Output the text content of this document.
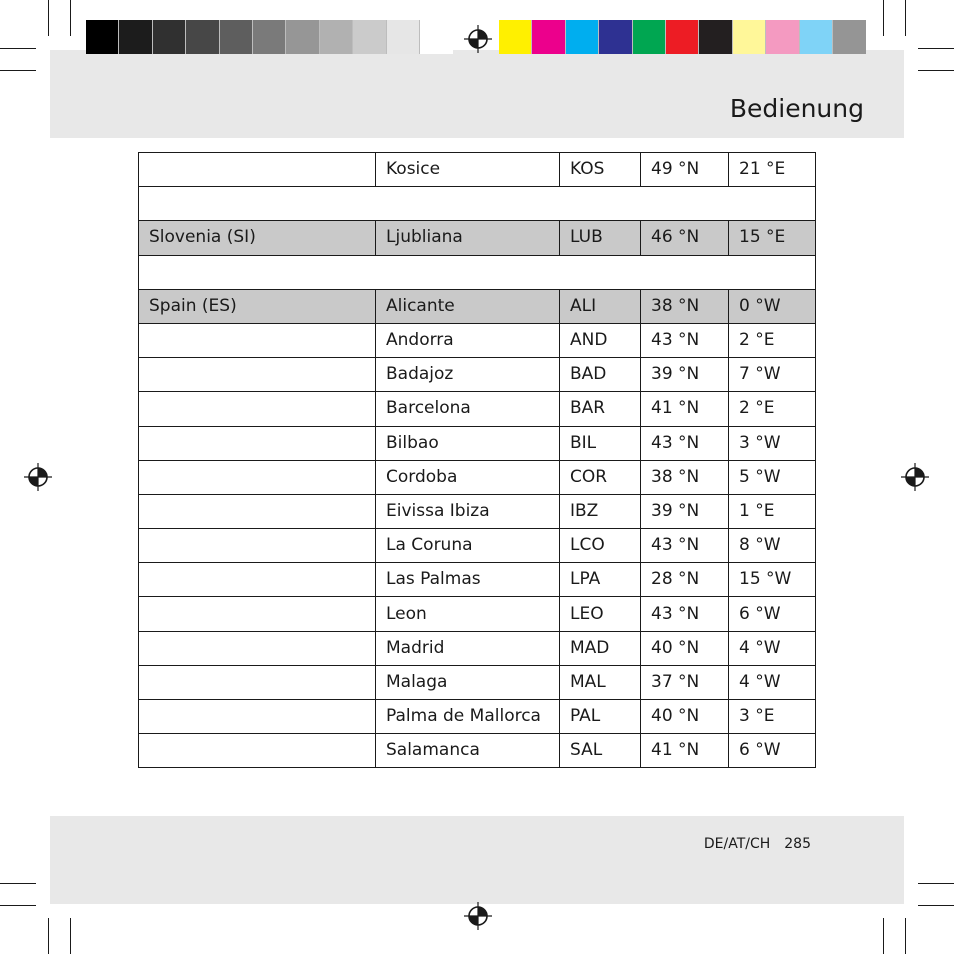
Bedienung
	Kosice	KOS	49 °N	21 °E

Slovenia (SI)	Ljubliana	LUB	46 °N	15 °E

Spain (ES)	Alicante	ALI	38 °N	0 °W
	Andorra	AND	43 °N	2 °E
	Badajoz	BAD	39 °N	7 °W
	Barcelona	BAR	41 °N	2 °E
	Bilbao	BIL	43 °N	3 °W
	Cordoba	COR	38 °N	5 °W
	Eivissa Ibiza	IBZ	39 °N	1 °E
	La Coruna	LCO	43 °N	8 °W
	Las Palmas	LPA	28 °N	15 °W
	Leon	LEO	43 °N	6 °W
	Madrid	MAD	40 °N	4 °W
	Malaga	MAL	37 °N	4 °W
	Palma de Mallorca	PAL	40 °N	3 °E
	Salamanca	SAL	41 °N	6 °W
DE/AT/CH 285
